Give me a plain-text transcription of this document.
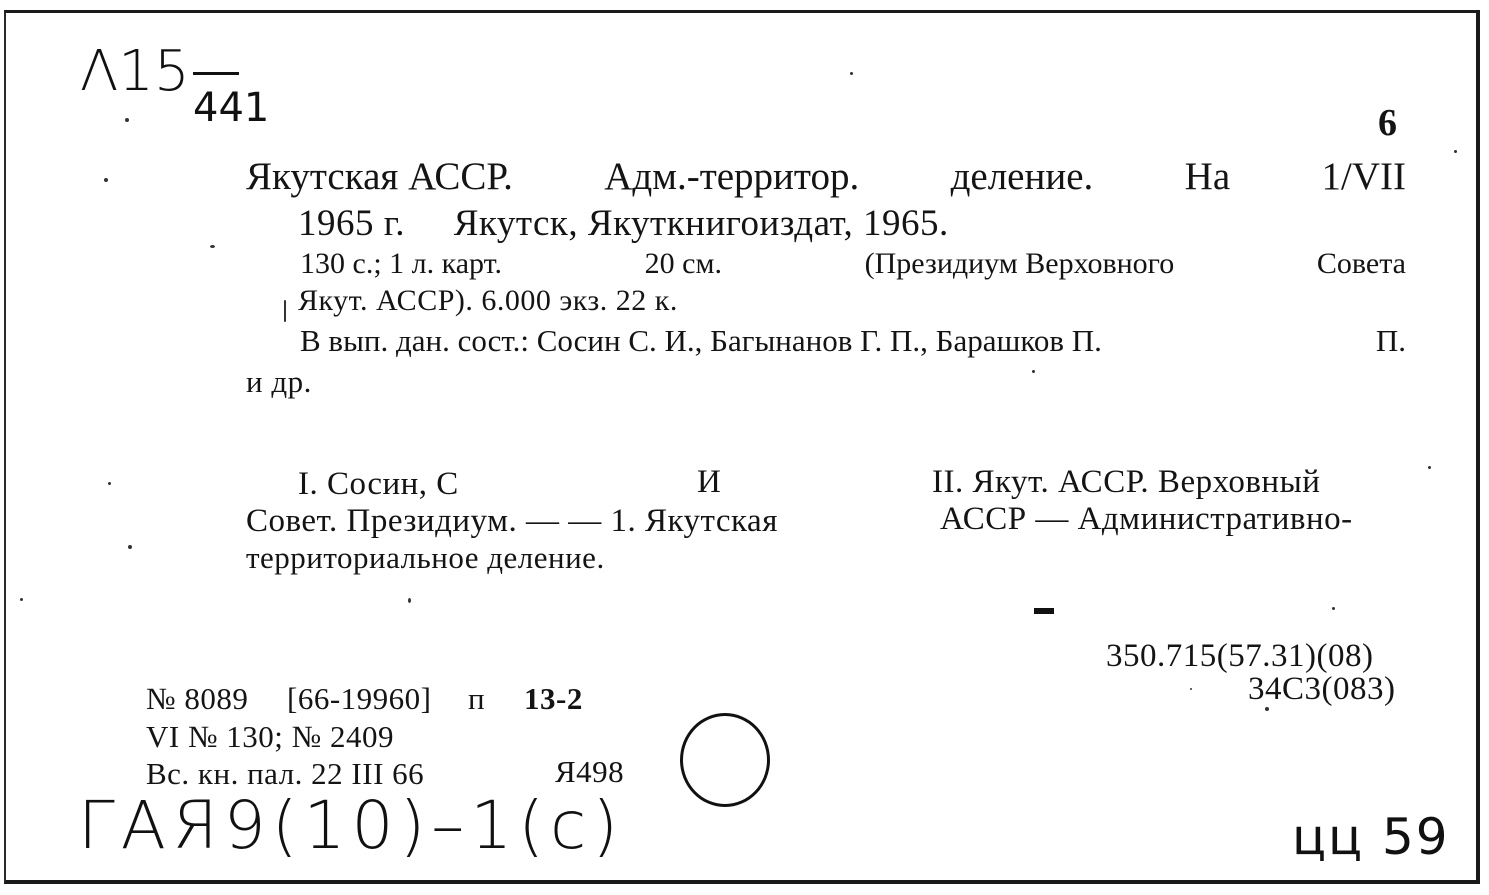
Λ15
441	6
Якутская АССР. Адм.-территор. деление. На 1/VII
1965 г.     Якутск, Якуткнигоиздат, 1965.
130 с.; 1 л. карт.	20 см.	(Президиум Верховного	Совета
Якут. АССР). 6.000 экз. 22 к.
В вып. дан. сост.: Сосин С. И., Багынанов Г. П., Барашков П.	П.
и др.
I. Сосин, С	И	II. Якут. АССР. Верховный
Совет. Президиум. — — 1. Якутская	АССР — Административно-
территориальное деление.
350.715(57.31)(08)
34С3(083)
№ 8089 [66-19960] п 13-2
VI № 130; № 2409
Вс. кн. пал. 22 III 66	Я498
ГАЯ9(10)–1(c)	цц 59
